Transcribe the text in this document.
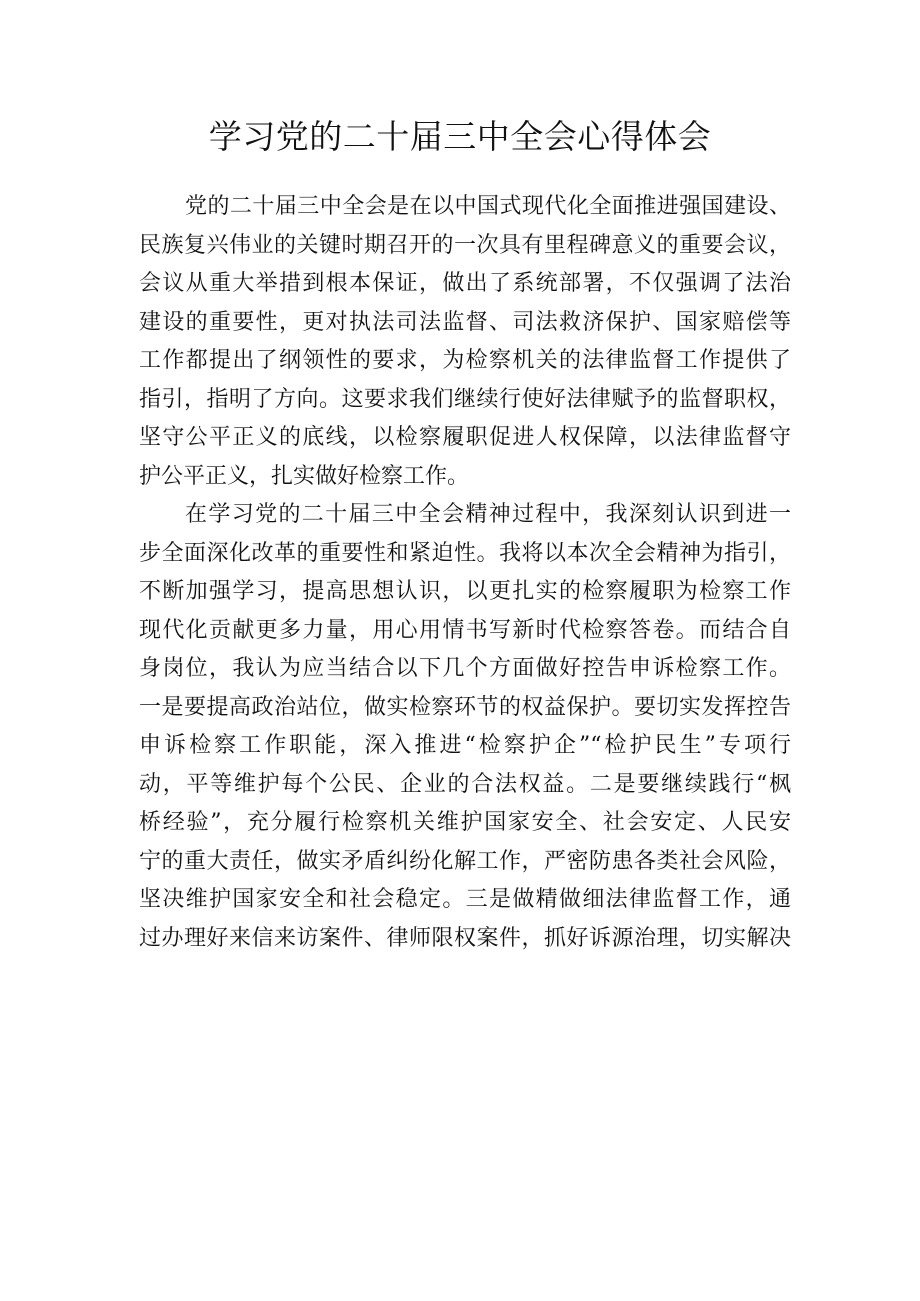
学习党的二十届三中全会心得体会
党的二十届三中全会是在以中国式现代化全面推进强国建设、
民族复兴伟业的关键时期召开的一次具有里程碑意义的重要会议，
会议从重大举措到根本保证，做出了系统部署，不仅强调了法治
建设的重要性，更对执法司法监督、司法救济保护、国家赔偿等
工作都提出了纲领性的要求，为检察机关的法律监督工作提供了
指引，指明了方向。这要求我们继续行使好法律赋予的监督职权，
坚守公平正义的底线，以检察履职促进人权保障，以法律监督守
护公平正义，扎实做好检察工作。
在学习党的二十届三中全会精神过程中，我深刻认识到进一
步全面深化改革的重要性和紧迫性。我将以本次全会精神为指引，
不断加强学习，提高思想认识，以更扎实的检察履职为检察工作
现代化贡献更多力量，用心用情书写新时代检察答卷。而结合自
身岗位，我认为应当结合以下几个方面做好控告申诉检察工作。
一是要提高政治站位，做实检察环节的权益保护。要切实发挥控告
申诉检察工作职能，深入推进“检察护企”“检护民生”专项行
动，平等维护每个公民、企业的合法权益。二是要继续践行“枫
桥经验”，充分履行检察机关维护国家安全、社会安定、人民安
宁的重大责任，做实矛盾纠纷化解工作，严密防患各类社会风险，
坚决维护国家安全和社会稳定。三是做精做细法律监督工作，通
过办理好来信来访案件、律师限权案件，抓好诉源治理，切实解决
